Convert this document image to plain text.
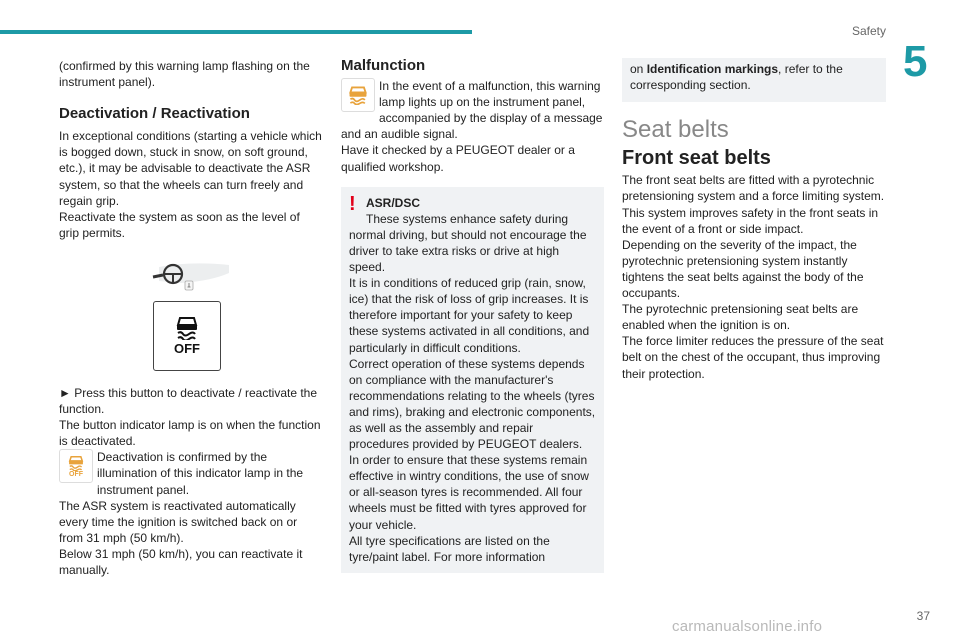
Safety
5

(confirmed by this warning lamp flashing on the instrument panel).

Deactivation / Reactivation

In exceptional conditions (starting a vehicle which is bogged down, stuck in snow, on soft ground, etc.), it may be advisable to deactivate the ASR system, so that the wheels can turn freely and regain grip.

Reactivate the system as soon as the level of grip permits.

OFF

► Press this button to deactivate / reactivate the function.

The button indicator lamp is on when the function is deactivated.

OFF

Deactivation is confirmed by the illumination of this indicator lamp in the instrument panel.

The ASR system is reactivated automatically every time the ignition is switched back on or from 31 mph (50 km/h).

Below 31 mph (50 km/h), you can reactivate it manually.

Malfunction

In the event of a malfunction, this warning lamp lights up on the instrument panel, accompanied by the display of a message and an audible signal.

Have it checked by a PEUGEOT dealer or a qualified workshop.

! ASR/DSC

These systems enhance safety during normal driving, but should not encourage the driver to take extra risks or drive at high speed.

It is in conditions of reduced grip (rain, snow, ice) that the risk of loss of grip increases. It is therefore important for your safety to keep these systems activated in all conditions, and particularly in difficult conditions.

Correct operation of these systems depends on compliance with the manufacturer's recommendations relating to the wheels (tyres and rims), braking and electronic components, as well as the assembly and repair procedures provided by PEUGEOT dealers.

In order to ensure that these systems remain effective in wintry conditions, the use of snow or all-season tyres is recommended. All four wheels must be fitted with tyres approved for your vehicle.

All tyre specifications are listed on the tyre/paint label. For more information

on Identification markings, refer to the corresponding section.

Seat belts
Front seat belts

The front seat belts are fitted with a pyrotechnic pretensioning system and a force limiting system.

This system improves safety in the front seats in the event of a front or side impact.

Depending on the severity of the impact, the pyrotechnic pretensioning system instantly tightens the seat belts against the body of the occupants.

The pyrotechnic pretensioning seat belts are enabled when the ignition is on.

The force limiter reduces the pressure of the seat belt on the chest of the occupant, thus improving their protection.

37
carmanualsonline.info
